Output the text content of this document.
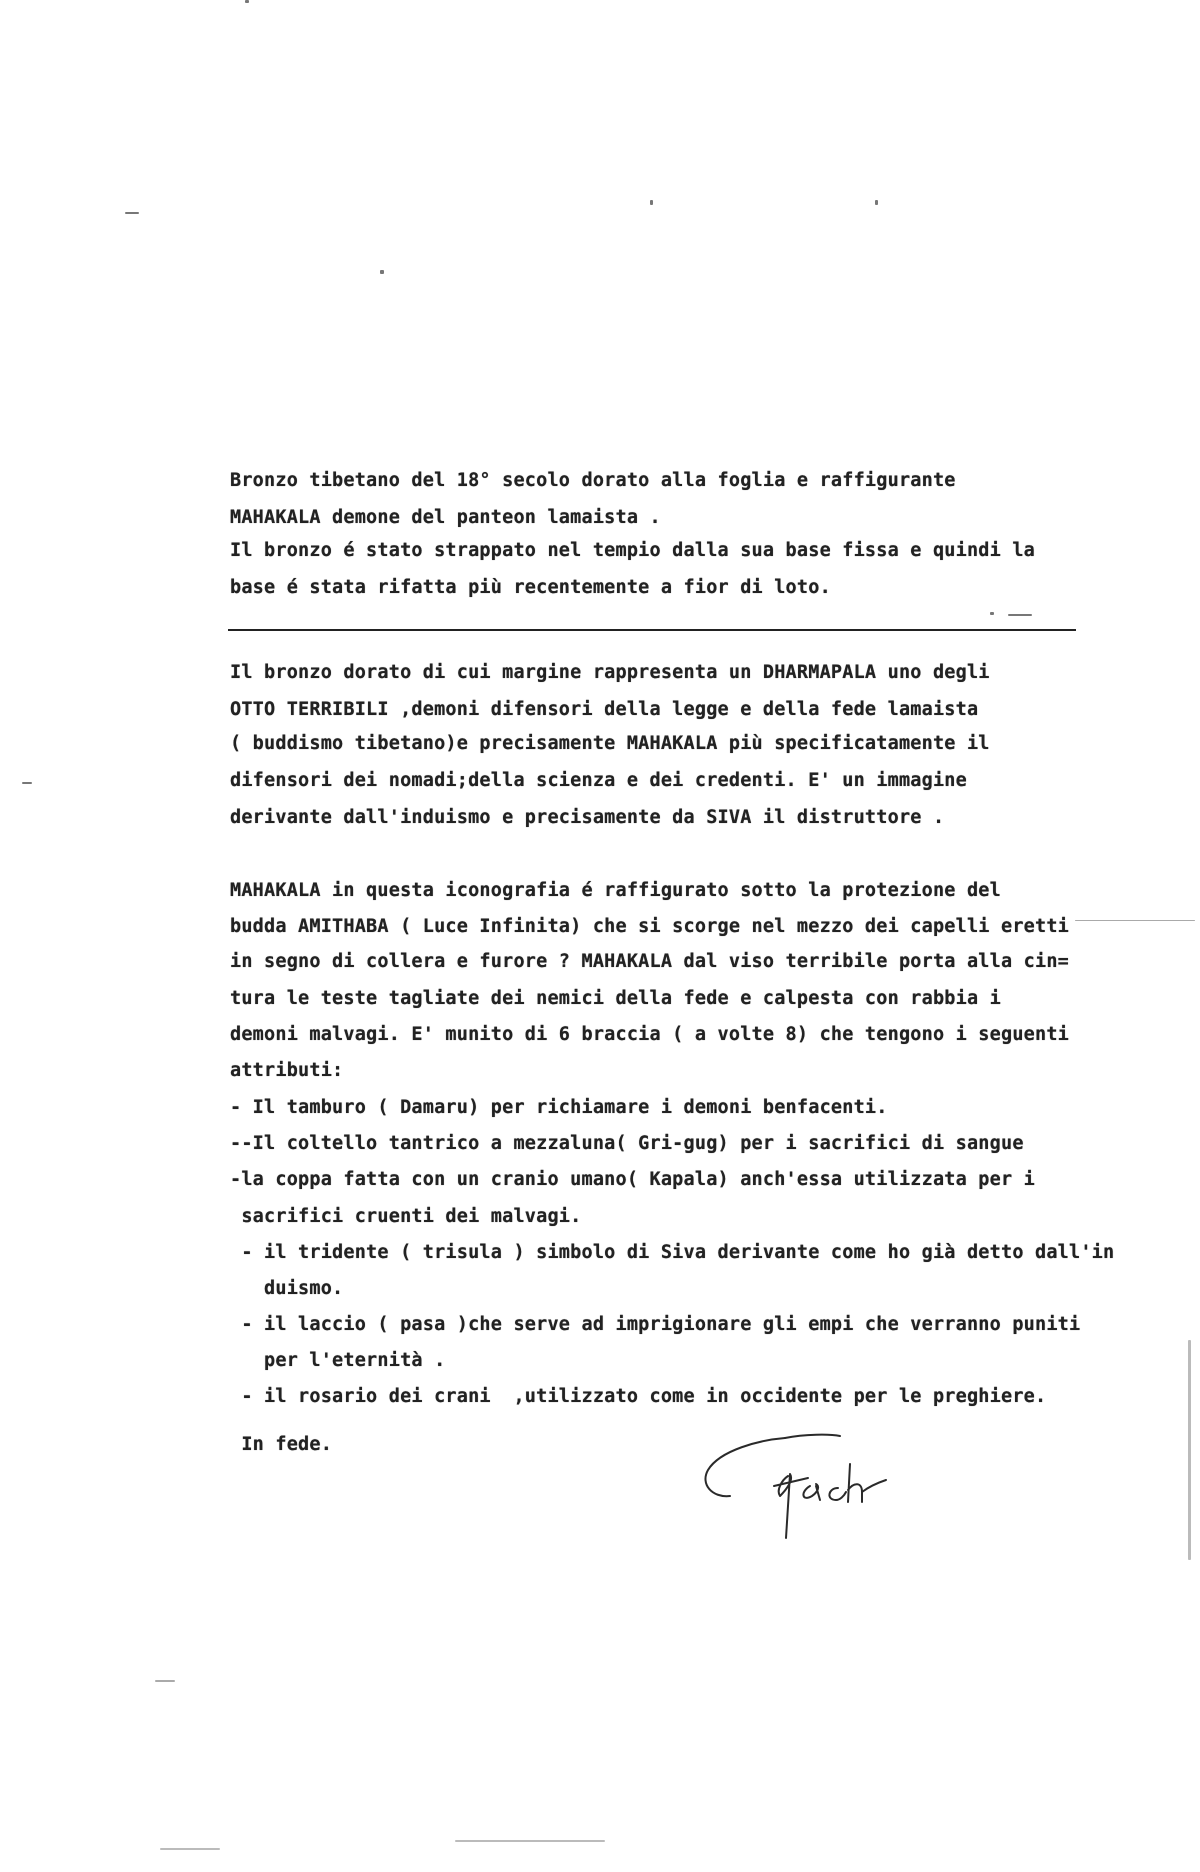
Bronzo tibetano del 18° secolo dorato alla foglia e raffigurante
MAHAKALA demone del panteon lamaista .
Il bronzo é stato strappato nel tempio dalla sua base fissa e quindi la
base é stata rifatta più recentemente a fior di loto.
Il bronzo dorato di cui margine rappresenta un DHARMAPALA uno degli
OTTO TERRIBILI ,demoni difensori della legge e della fede lamaista
( buddismo tibetano)e precisamente MAHAKALA più specificatamente il
difensori dei nomadi;della scienza e dei credenti. E' un immagine
derivante dall'induismo e precisamente da SIVA il distruttore .
MAHAKALA in questa iconografia é raffigurato sotto la protezione del
budda AMITHABA ( Luce Infinita) che si scorge nel mezzo dei capelli eretti
in segno di collera e furore ? MAHAKALA dal viso terribile porta alla cin=
tura le teste tagliate dei nemici della fede e calpesta con rabbia i
demoni malvagi. E' munito di 6 braccia ( a volte 8) che tengono i seguenti
attributi:
- Il tamburo ( Damaru) per richiamare i demoni benfacenti.
--Il coltello tantrico a mezzaluna( Gri-gug) per i sacrifici di sangue
-la coppa fatta con un cranio umano( Kapala) anch'essa utilizzata per i
sacrifici cruenti dei malvagi.
- il tridente ( trisula ) simbolo di Siva derivante come ho già detto dall'in
duismo.
- il laccio ( pasa )che serve ad imprigionare gli empi che verranno puniti
per l'eternità .
- il rosario dei crani  ,utilizzato come in occidente per le preghiere.
In fede.
